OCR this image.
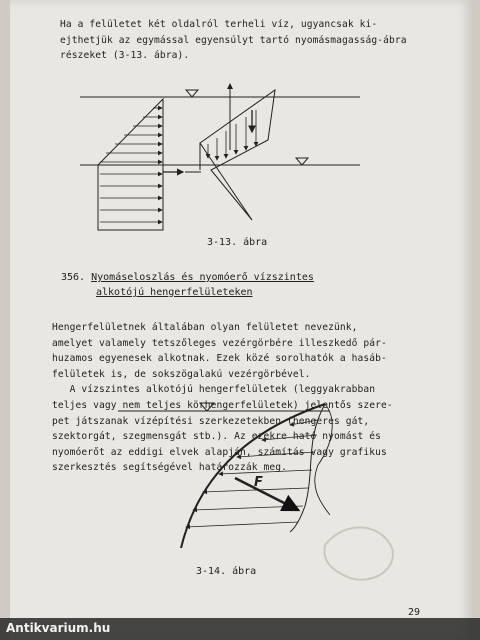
Ha a felületet két oldalról terheli víz, ugyancsak ki-
ejthetjük az egymással egyensúlyt tartó nyomásmagasság-ábra
részeket (3-13. ábra).
3-13. ábra
356. Nyomáseloszlás és nyomóerő vízszintes
alkotójú hengerfelületeken
Hengerfelületnek általában olyan felületet nevezünk,
amelyet valamely tetszőleges vezérgörbére illeszkedő pár-
huzamos egyenesek alkotnak. Ezek közé sorolhatók a hasáb-
felületek is, de sokszögalakú vezérgörbével.
A vízszintes alkotójú hengerfelületek (leggyakrabban
teljes vagy nem teljes körhengerfelületek) jelentős szere-
pet játszanak vízépítési szerkezetekben (hengeres gát,
szektorgát, szegmensgát stb.). Az ezekre ható nyomást és
nyomóerőt az eddigi elvek alapján, számítás vagy grafikus
szerkesztés segítségével határozzák meg.
3-14. ábra
29
F
Antikvarium.hu
